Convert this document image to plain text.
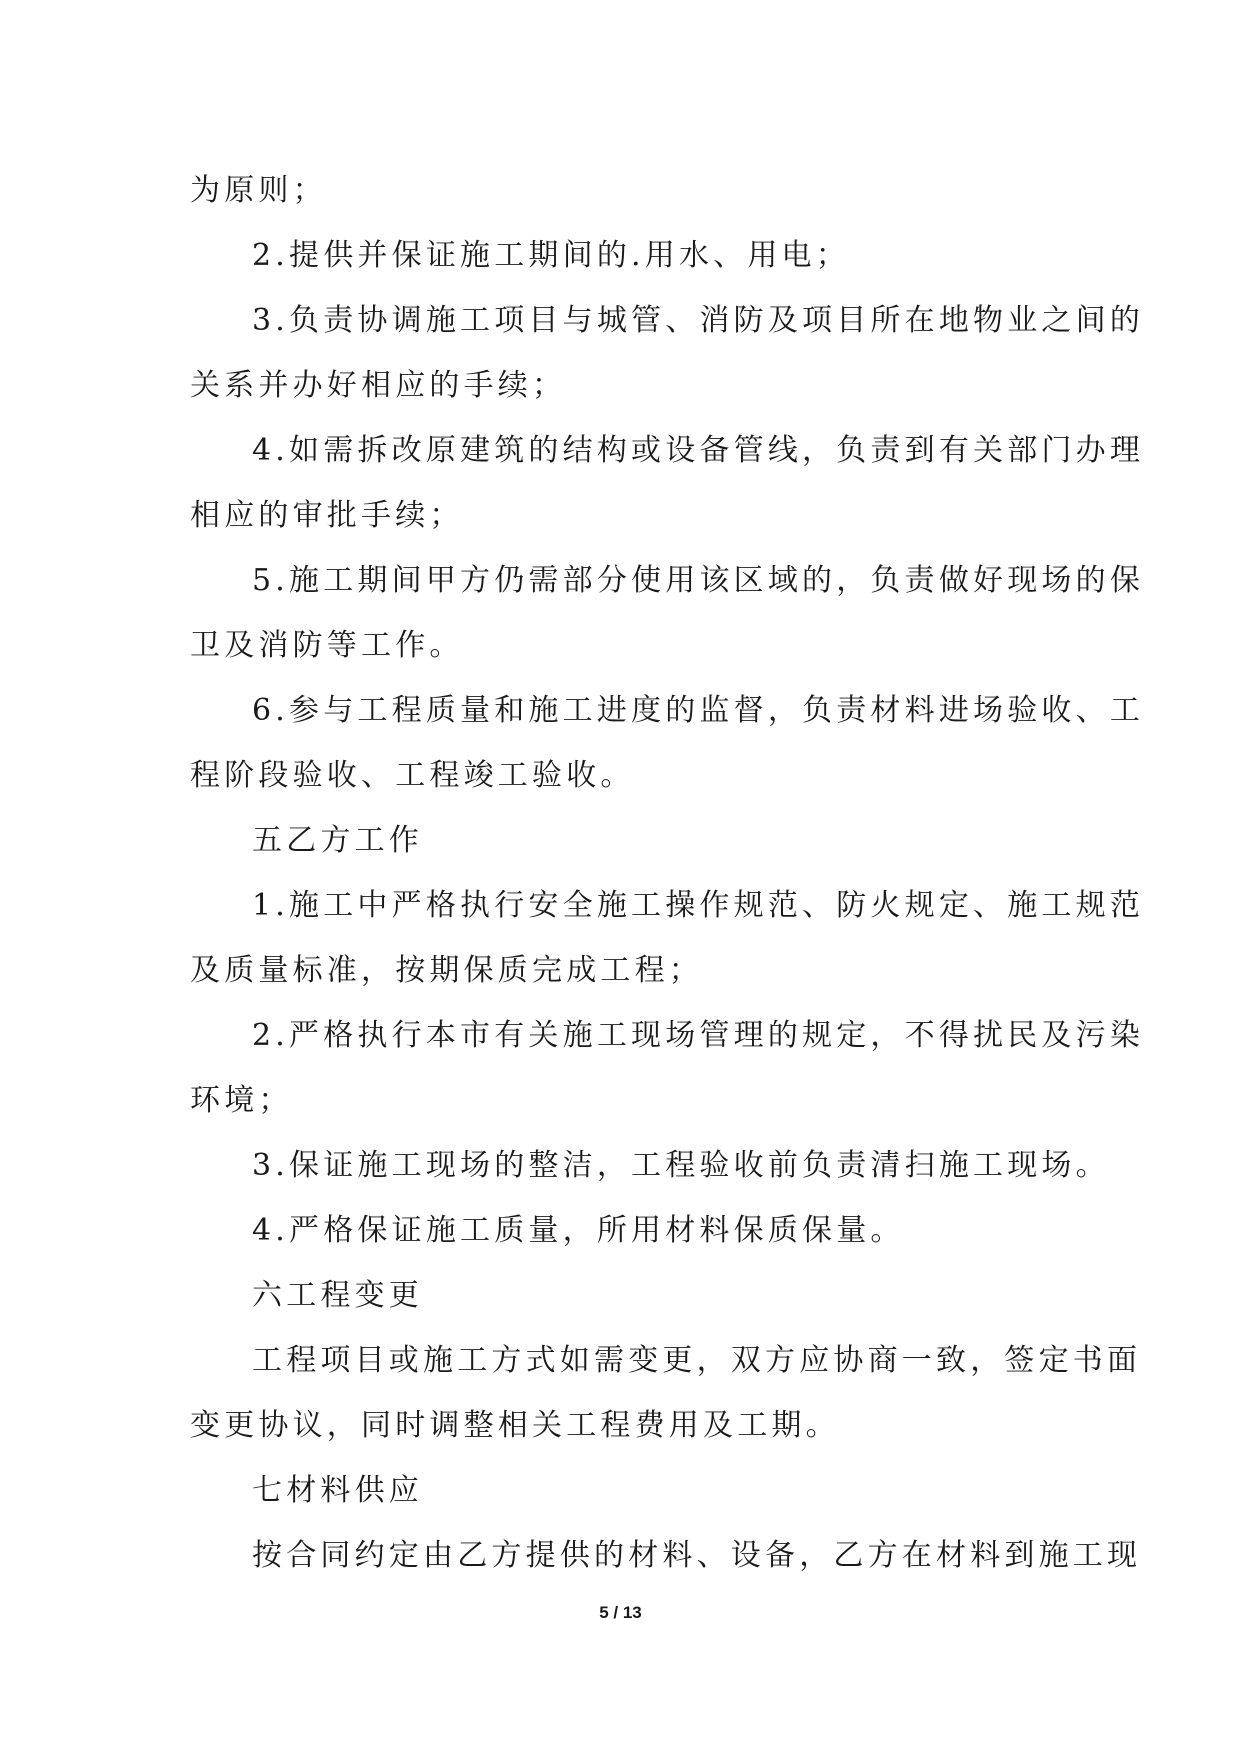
为原则；
2.提供并保证施工期间的.用水、用电；
3.负责协调施工项目与城管、消防及项目所在地物业之间的
关系并办好相应的手续；
4.如需拆改原建筑的结构或设备管线，负责到有关部门办理
相应的审批手续；
5.施工期间甲方仍需部分使用该区域的，负责做好现场的保
卫及消防等工作。
6.参与工程质量和施工进度的监督，负责材料进场验收、工
程阶段验收、工程竣工验收。
五乙方工作
1.施工中严格执行安全施工操作规范、防火规定、施工规范
及质量标准，按期保质完成工程；
2.严格执行本市有关施工现场管理的规定，不得扰民及污染
环境；
3.保证施工现场的整洁，工程验收前负责清扫施工现场。
4.严格保证施工质量，所用材料保质保量。
六工程变更
工程项目或施工方式如需变更，双方应协商一致，签定书面
变更协议，同时调整相关工程费用及工期。
七材料供应
按合同约定由乙方提供的材料、设备，乙方在材料到施工现
5 / 13
